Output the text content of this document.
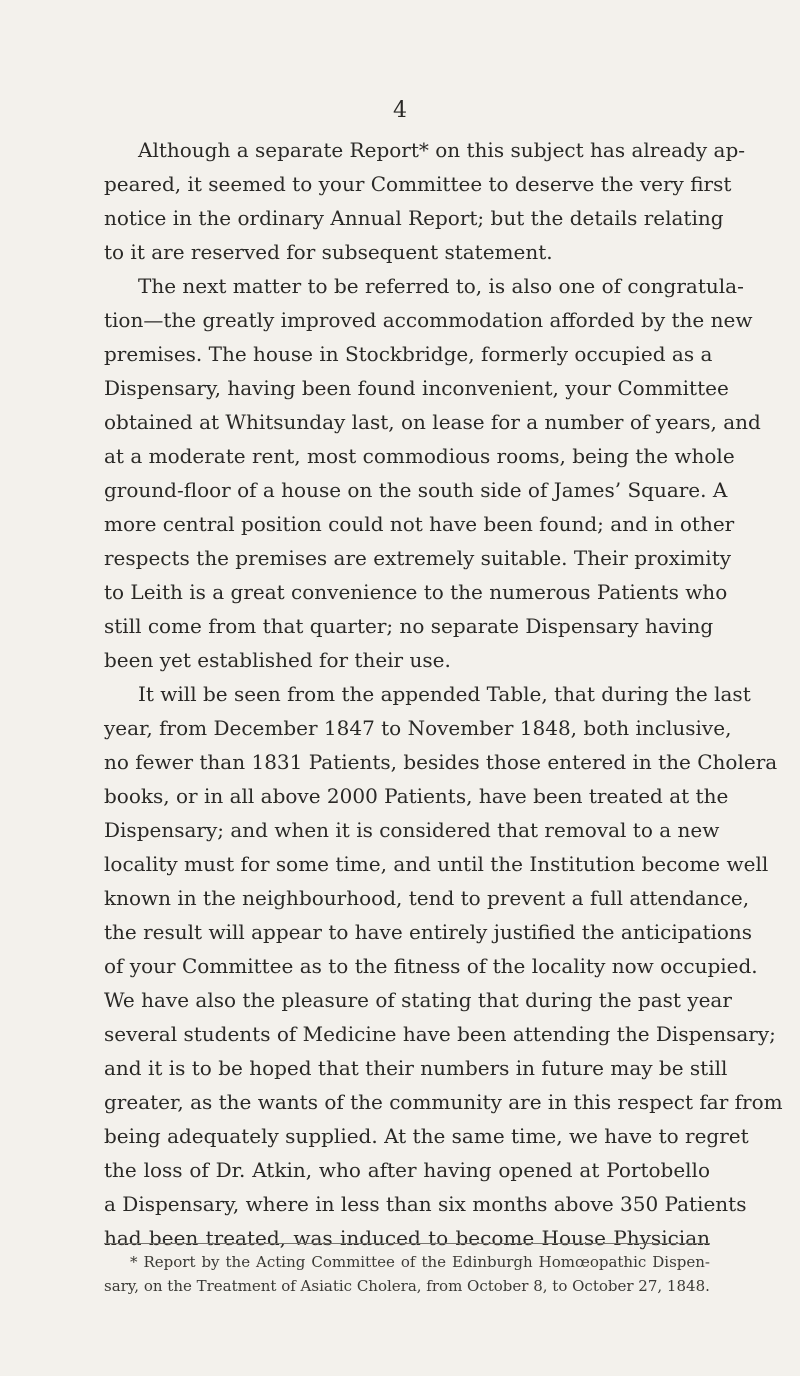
4
Although a separate Report* on this subject has already ap-
peared, it seemed to your Committee to deserve the very first
notice in the ordinary Annual Report; but the details relating
to it are reserved for subsequent statement.
The next matter to be referred to, is also one of congratula-
tion—the greatly improved accommodation afforded by the new
premises. The house in Stockbridge, formerly occupied as a
Dispensary, having been found inconvenient, your Committee
obtained at Whitsunday last, on lease for a number of years, and
at a moderate rent, most commodious rooms, being the whole
ground-floor of a house on the south side of James’ Square. A
more central position could not have been found; and in other
respects the premises are extremely suitable. Their proximity
to Leith is a great convenience to the numerous Patients who
still come from that quarter; no separate Dispensary having
been yet established for their use.
It will be seen from the appended Table, that during the last
year, from December 1847 to November 1848, both inclusive,
no fewer than 1831 Patients, besides those entered in the Cholera
books, or in all above 2000 Patients, have been treated at the
Dispensary; and when it is considered that removal to a new
locality must for some time, and until the Institution become well
known in the neighbourhood, tend to prevent a full attendance,
the result will appear to have entirely justified the anticipations
of your Committee as to the fitness of the locality now occupied.
We have also the pleasure of stating that during the past year
several students of Medicine have been attending the Dispensary;
and it is to be hoped that their numbers in future may be still
greater, as the wants of the community are in this respect far from
being adequately supplied. At the same time, we have to regret
the loss of Dr. Atkin, who after having opened at Portobello
a Dispensary, where in less than six months above 350 Patients
had been treated, was induced to become House Physician
* Report by the Acting Committee of the Edinburgh Homœopathic Dispen-
sary, on the Treatment of Asiatic Cholera, from October 8, to October 27, 1848.
